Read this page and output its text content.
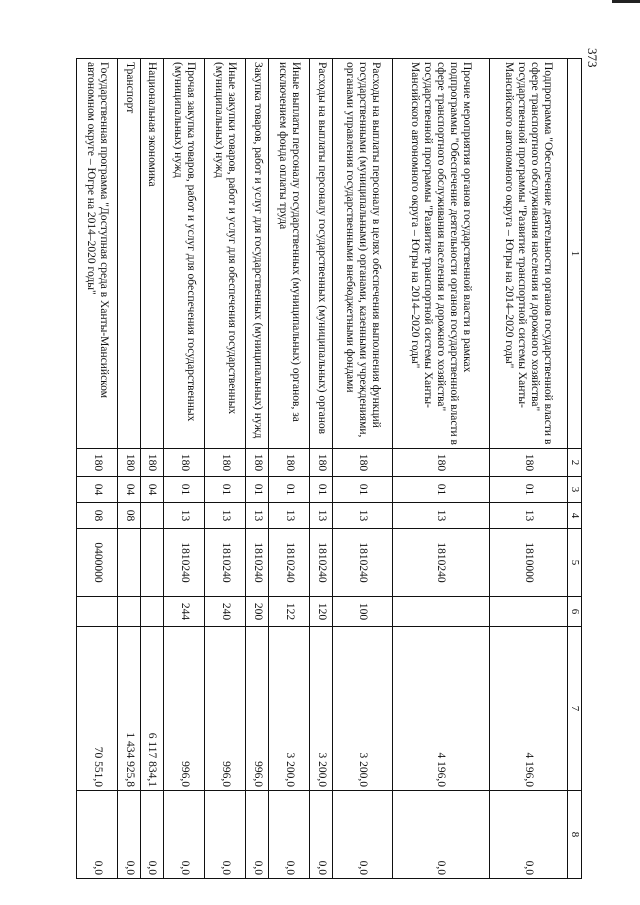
373
1	2	3	4	5	6	7	8
Подпрограмма "Обеспечение деятельности органов государственной власти в сфере транспортного обслуживания населения и дорожного хозяйства" государственной программы "Развитие транспортной системы Ханты-Мансийского автономного округа – Югры на 2014–2020 годы"	180	01	13	1810000		4 196,0	0,0
Прочие мероприятия органов государственной власти в рамках подпрограммы "Обеспечение деятельности органов государственной власти в сфере транспортного обслуживания населения и дорожного хозяйства" государственной программы "Развитие транспортной системы Ханты-Мансийского автономного округа – Югры на 2014–2020 годы"	180	01	13	1810240		4 196,0	0,0
Расходы на выплаты персоналу в целях обеспечения выполнения функций государственными (муниципальными) органами, казенными учреждениями, органами управления государственными внебюджетными фондами	180	01	13	1810240	100	3 200,0	0,0
Расходы на выплаты персоналу государственных (муниципальных) органов	180	01	13	1810240	120	3 200,0	0,0
Иные выплаты персоналу государственных (муниципальных) органов, за исключением фонда оплаты труда	180	01	13	1810240	122	3 200,0	0,0
Закупка товаров, работ и услуг для государственных (муниципальных) нужд	180	01	13	1810240	200	996,0	0,0
Иные закупки товаров, работ и услуг для обеспечения государственных (муниципальных) нужд	180	01	13	1810240	240	996,0	0,0
Прочая закупка товаров, работ и услуг для обеспечения государственных (муниципальных) нужд	180	01	13	1810240	244	996,0	0,0
Национальная экономика	180	04				6 117 834,1	0,0
Транспорт	180	04	08			1 434 925,8	0,0
Государственная программа "Доступная среда в Ханты-Мансийском автономном округе – Югре на 2014–2020 годы"	180	04	08	0400000		70 551,0	0,0
